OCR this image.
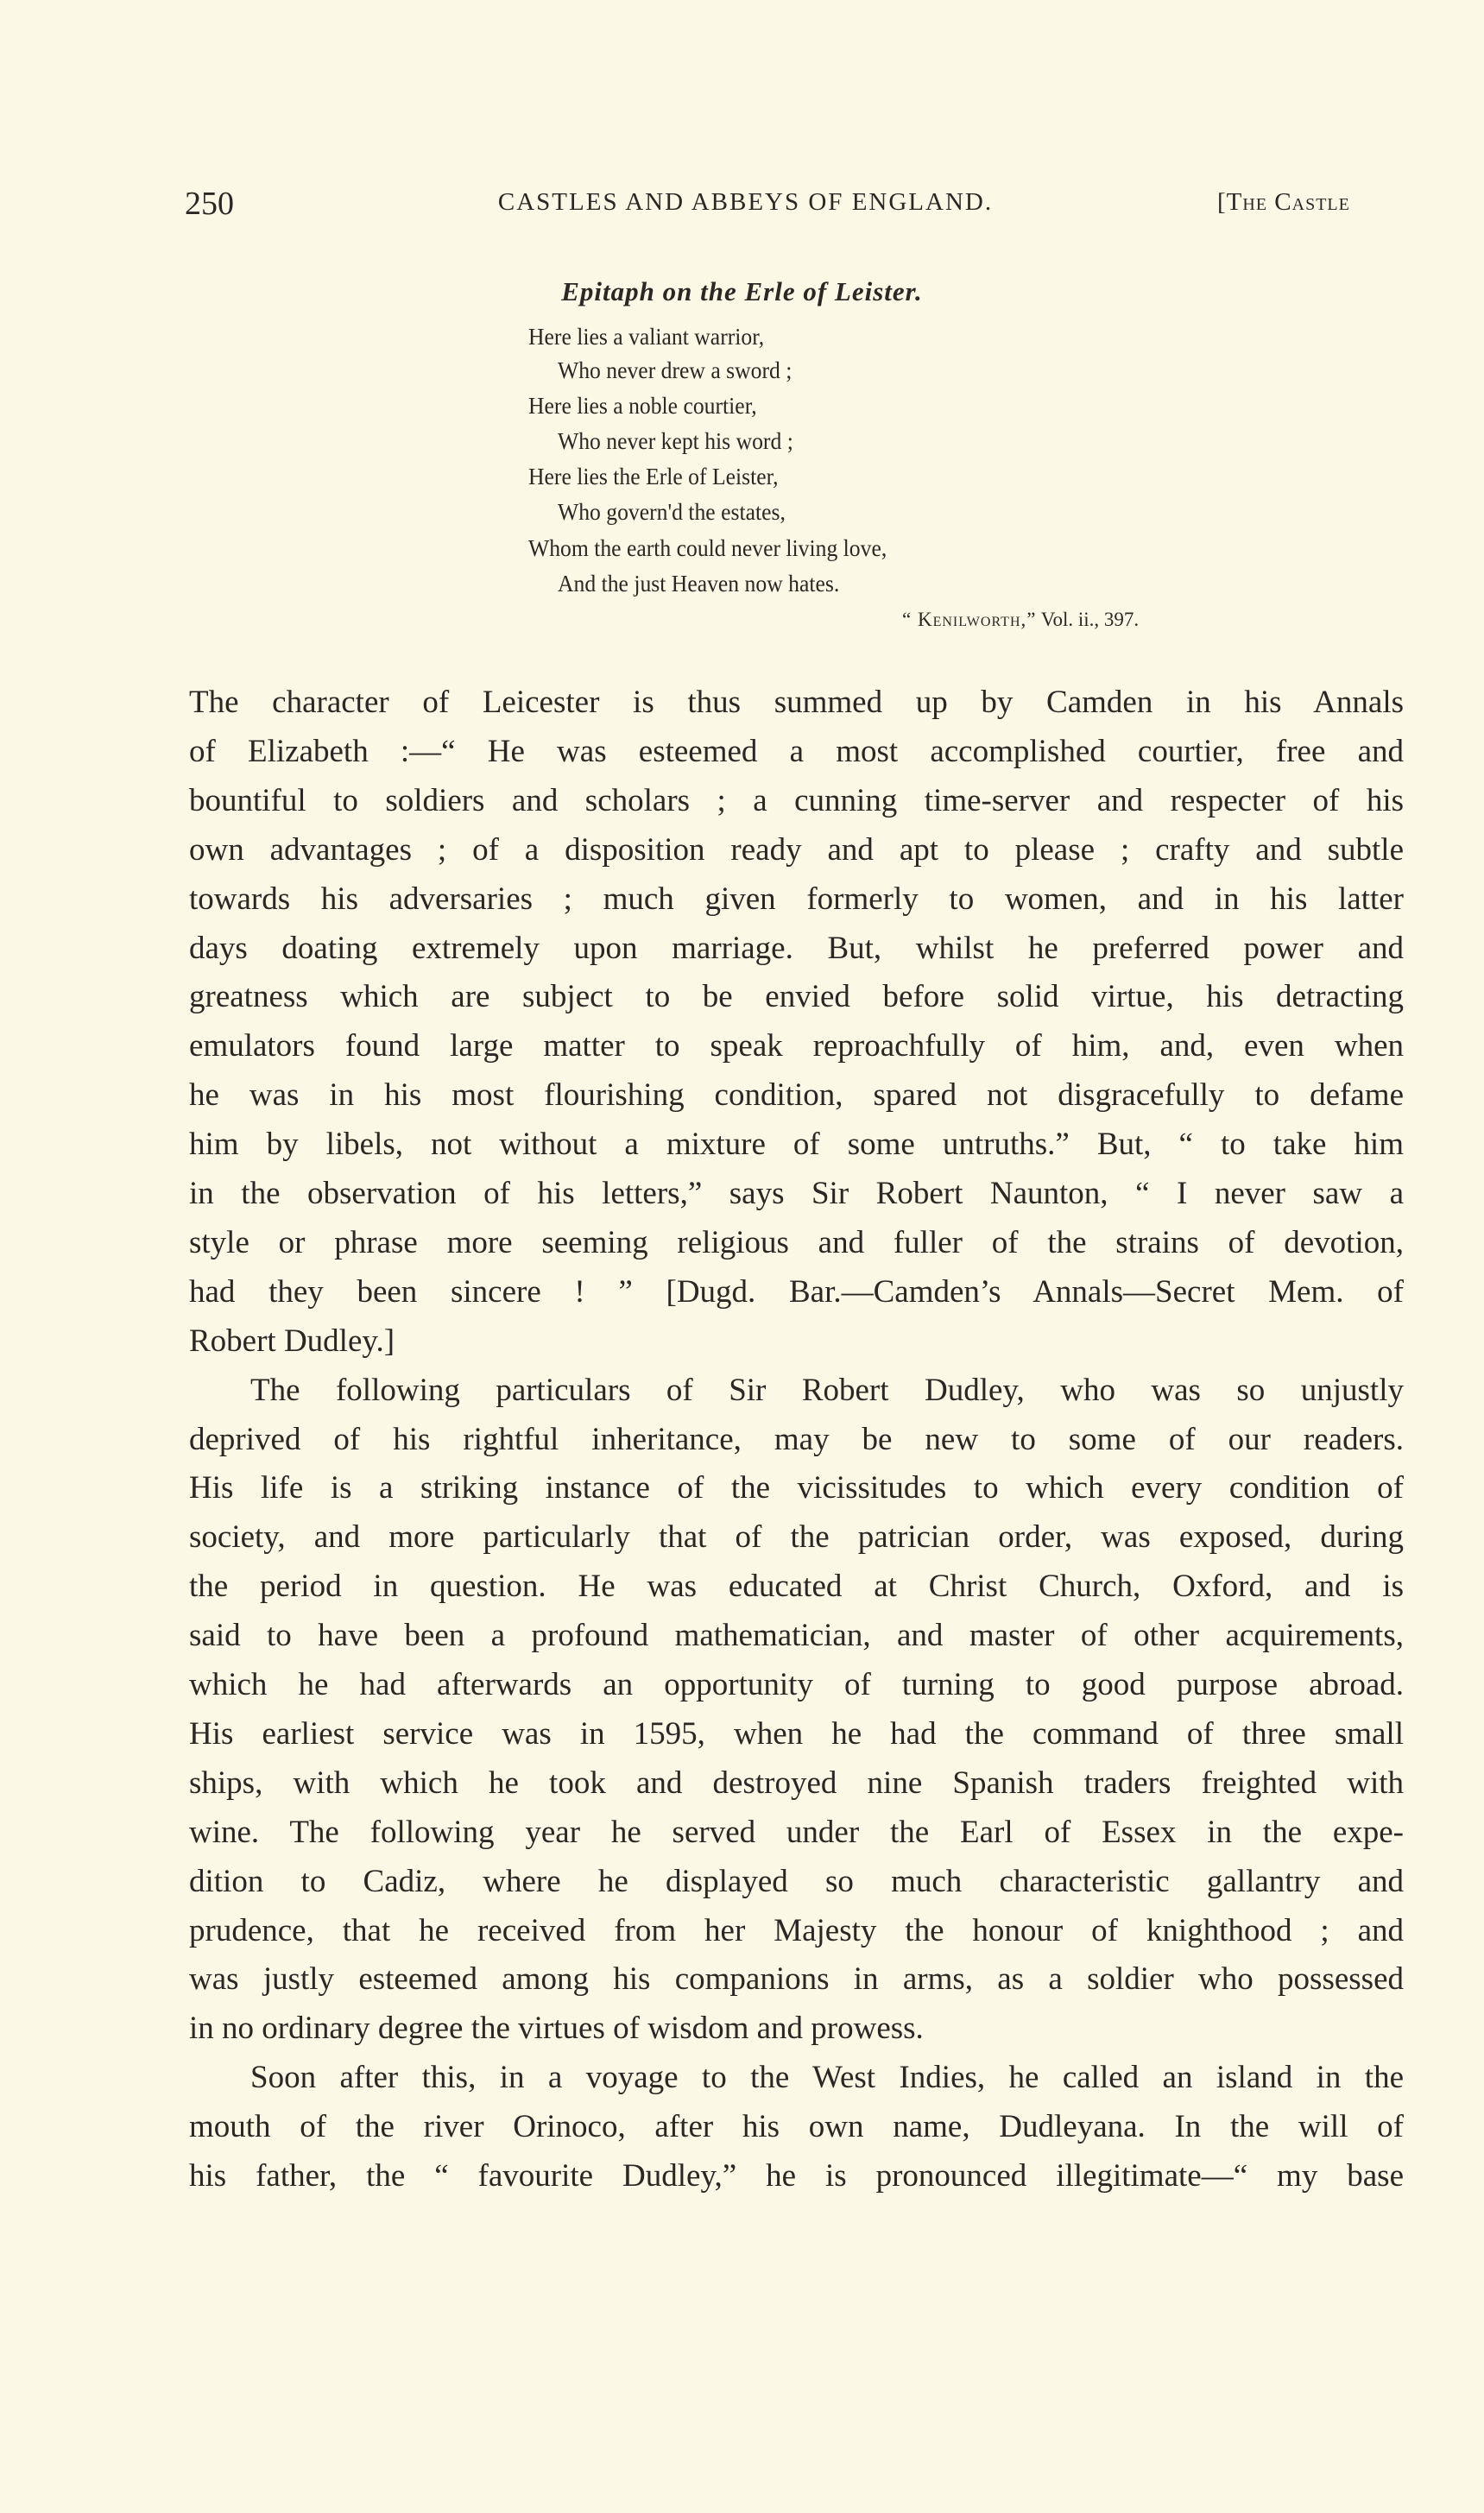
250	CASTLES AND ABBEYS OF ENGLAND.	[The Castle
Epitaph on the Erle of Leister.
Here lies a valiant warrior,
Who never drew a sword ;
Here lies a noble courtier,
Who never kept his word ;
Here lies the Erle of Leister,
Who govern'd the estates,
Whom the earth could never living love,
And the just Heaven now hates.
“ Kenilworth,” Vol. ii., 397.
The character of Leicester is thus summed up by Camden in his Annals
of Elizabeth :—“ He was esteemed a most accomplished courtier, free and
bountiful to soldiers and scholars ; a cunning time-server and respecter of his
own advantages ; of a disposition ready and apt to please ; crafty and subtle
towards his adversaries ; much given formerly to women, and in his latter
days doating extremely upon marriage. But, whilst he preferred power and
greatness which are subject to be envied before solid virtue, his detracting
emulators found large matter to speak reproachfully of him, and, even when
he was in his most flourishing condition, spared not disgracefully to defame
him by libels, not without a mixture of some untruths.” But, “ to take him
in the observation of his letters,” says Sir Robert Naunton, “ I never saw a
style or phrase more seeming religious and fuller of the strains of devotion,
had they been sincere ! ” [Dugd. Bar.—Camden’s Annals—Secret Mem. of
Robert Dudley.]
The following particulars of Sir Robert Dudley, who was so unjustly
deprived of his rightful inheritance, may be new to some of our readers.
His life is a striking instance of the vicissitudes to which every condition of
society, and more particularly that of the patrician order, was exposed, during
the period in question. He was educated at Christ Church, Oxford, and is
said to have been a profound mathematician, and master of other acquirements,
which he had afterwards an opportunity of turning to good purpose abroad.
His earliest service was in 1595, when he had the command of three small
ships, with which he took and destroyed nine Spanish traders freighted with
wine. The following year he served under the Earl of Essex in the expe-
dition to Cadiz, where he displayed so much characteristic gallantry and
prudence, that he received from her Majesty the honour of knighthood ; and
was justly esteemed among his companions in arms, as a soldier who possessed
in no ordinary degree the virtues of wisdom and prowess.
Soon after this, in a voyage to the West Indies, he called an island in the
mouth of the river Orinoco, after his own name, Dudleyana. In the will of
his father, the “ favourite Dudley,” he is pronounced illegitimate—“ my base
